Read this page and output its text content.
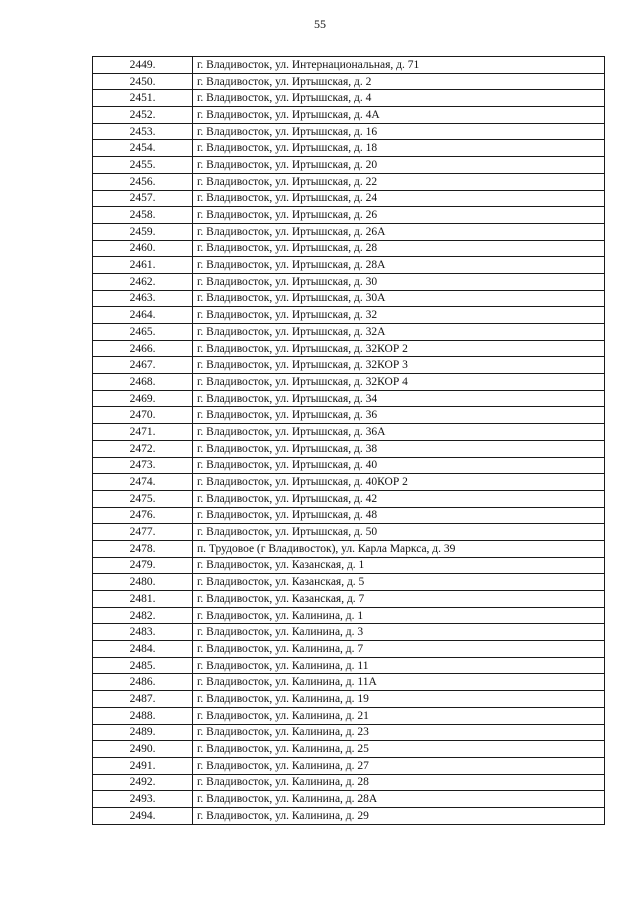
55
2449.	г. Владивосток, ул. Интернациональная, д. 71
2450.	г. Владивосток, ул. Иртышская, д. 2
2451.	г. Владивосток, ул. Иртышская, д. 4
2452.	г. Владивосток, ул. Иртышская, д. 4А
2453.	г. Владивосток, ул. Иртышская, д. 16
2454.	г. Владивосток, ул. Иртышская, д. 18
2455.	г. Владивосток, ул. Иртышская, д. 20
2456.	г. Владивосток, ул. Иртышская, д. 22
2457.	г. Владивосток, ул. Иртышская, д. 24
2458.	г. Владивосток, ул. Иртышская, д. 26
2459.	г. Владивосток, ул. Иртышская, д. 26А
2460.	г. Владивосток, ул. Иртышская, д. 28
2461.	г. Владивосток, ул. Иртышская, д. 28А
2462.	г. Владивосток, ул. Иртышская, д. 30
2463.	г. Владивосток, ул. Иртышская, д. 30А
2464.	г. Владивосток, ул. Иртышская, д. 32
2465.	г. Владивосток, ул. Иртышская, д. 32А
2466.	г. Владивосток, ул. Иртышская, д. 32КОР 2
2467.	г. Владивосток, ул. Иртышская, д. 32КОР 3
2468.	г. Владивосток, ул. Иртышская, д. 32КОР 4
2469.	г. Владивосток, ул. Иртышская, д. 34
2470.	г. Владивосток, ул. Иртышская, д. 36
2471.	г. Владивосток, ул. Иртышская, д. 36А
2472.	г. Владивосток, ул. Иртышская, д. 38
2473.	г. Владивосток, ул. Иртышская, д. 40
2474.	г. Владивосток, ул. Иртышская, д. 40КОР 2
2475.	г. Владивосток, ул. Иртышская, д. 42
2476.	г. Владивосток, ул. Иртышская, д. 48
2477.	г. Владивосток, ул. Иртышская, д. 50
2478.	п. Трудовое (г Владивосток), ул. Карла Маркса, д. 39
2479.	г. Владивосток, ул. Казанская, д. 1
2480.	г. Владивосток, ул. Казанская, д. 5
2481.	г. Владивосток, ул. Казанская, д. 7
2482.	г. Владивосток, ул. Калинина, д. 1
2483.	г. Владивосток, ул. Калинина, д. 3
2484.	г. Владивосток, ул. Калинина, д. 7
2485.	г. Владивосток, ул. Калинина, д. 11
2486.	г. Владивосток, ул. Калинина, д. 11А
2487.	г. Владивосток, ул. Калинина, д. 19
2488.	г. Владивосток, ул. Калинина, д. 21
2489.	г. Владивосток, ул. Калинина, д. 23
2490.	г. Владивосток, ул. Калинина, д. 25
2491.	г. Владивосток, ул. Калинина, д. 27
2492.	г. Владивосток, ул. Калинина, д. 28
2493.	г. Владивосток, ул. Калинина, д. 28А
2494.	г. Владивосток, ул. Калинина, д. 29
